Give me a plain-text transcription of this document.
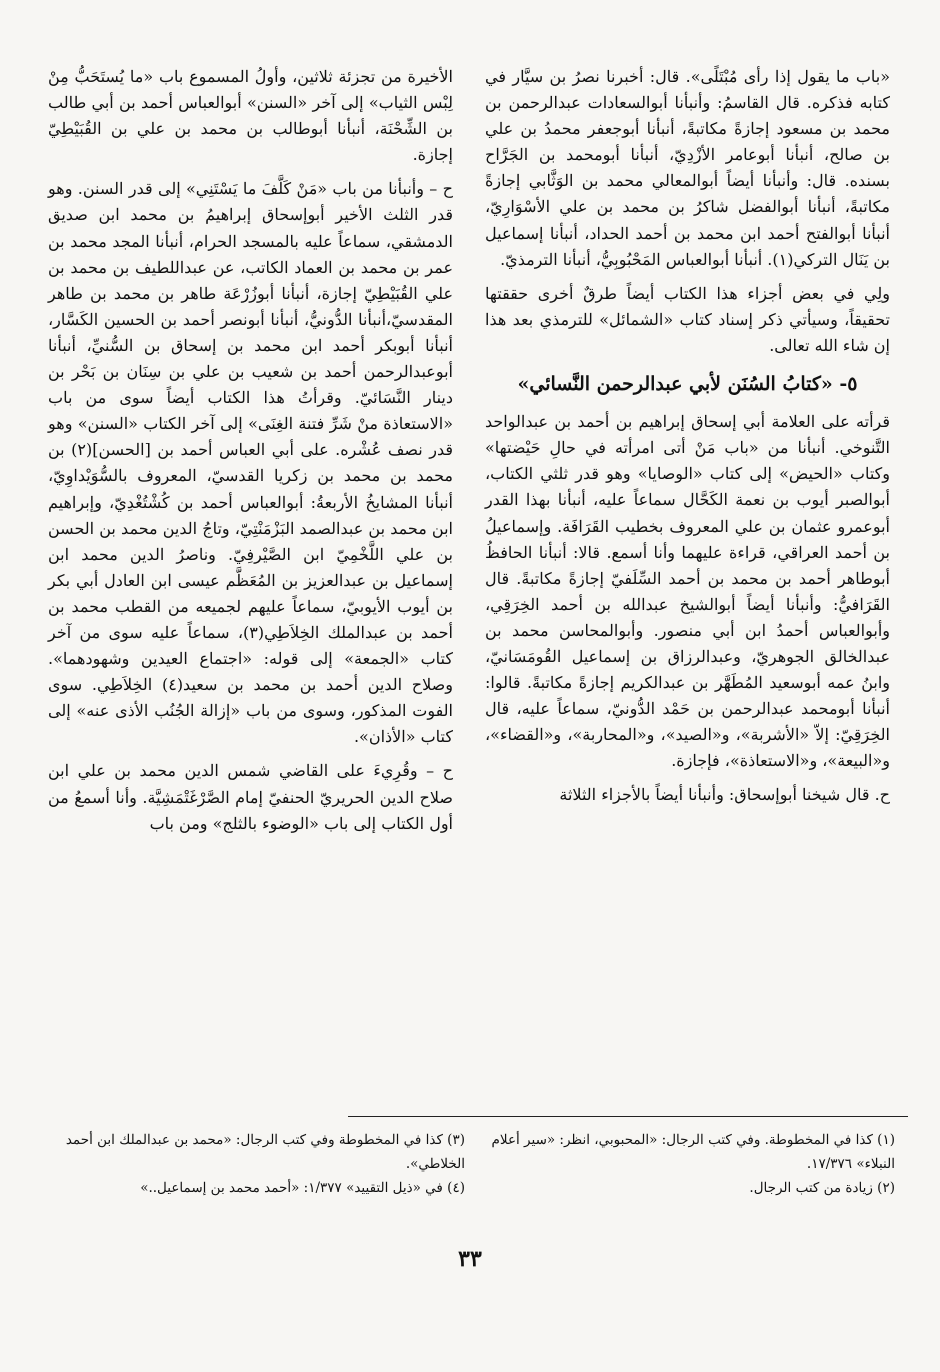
«باب ما يقول إذا رأى مُبْتَلًى». قال: أخبرنا نصرُ بن سيَّار في كتابه فذكره. قال القاسمُ: وأنبأنا أبوالسعادات عبدالرحمن بن محمد بن مسعود إجازةً مكاتبةً، أنبأنا أبوجعفر محمدُ بن علي بن صالح، أنبأنا أبوعامر الأزْدِيّ، أنبأنا أبومحمد بن الجَرَّاح بسنده. قال: وأنبأنا أيضاً أبوالمعالي محمد بن الوَثَّابي إجازةً مكاتبةً، أنبأنا أبوالفضل شاكرُ بن محمد بن علي الأسْوَارِيّ، أنبأنا أبوالفتح أحمد ابن محمد بن أحمد الحداد، أنبأنا إسماعيل بن يَنَال التركي(١). أنبأنا أبوالعباس المَحْبُوبِيُّ، أنبأنا الترمذيّ.

ولِي في بعض أجزاء هذا الكتاب أيضاً طرقٌ أخرى حققتها تحقيقاً، وسيأتي ذكر إسناد كتاب «الشمائل» للترمذي بعد هذا إن شاء الله تعالى.

٥- «كتابُ السُنَن لأبي عبدالرحمن النَّسائي»

قرأته على العلامة أبي إسحاق إبراهيم بن أحمد بن عبدالواحد التَّنوخي. أنبأنا من «باب مَنْ أتى امرأته في حالِ حَيْضتها» وكتاب «الحيض» إلى كتاب «الوصايا» وهو قدر ثلثي الكتاب، أبوالصبر أيوب بن نعمة الكَحَّال سماعاً عليه، أنبأنا بهذا القدر أبوعمرو عثمان بن علي المعروف بخطيب القَرَافَة. وإسماعيلُ بن أحمد العراقي، قراءة عليهما وأنا أسمع. قالا: أنبأنا الحافظُ أبوطاهر أحمد بن محمد بن أحمد السِّلَفيّ إجازةً مكاتبةً. قال القَرَافيُّ: وأنبأنا أيضاً أبوالشيخ عبدالله بن أحمد الخِرَقِي، وأبوالعباس أحمدُ ابن أبي منصور. وأبوالمحاسن محمد بن عبدالخالق الجوهريّ، وعبدالرزاق بن إسماعيل القُومَسَانيّ، وابنُ عمه أبوسعيد المُطَهَّر بن عبدالكريم إجازةً مكاتبةً. قالوا: أنبأنا أبومحمد عبدالرحمن بن حَمْد الدُّونيّ، سماعاً عليه، قال الخِرَقِيّ: إلاّ «الأشربة»، و«الصيد»، و«المحاربة»، و«القضاء»، و«البيعة»، و«الاستعاذة»، فإجازة.

ح. قال شيخنا أبوإسحاق: وأنبأنا أيضاً بالأجزاء الثلاثة

الأخيرة من تجزئة ثلاثين، وأولُ المسموع باب «ما يُستَحَبُّ مِنْ لِبْس الثياب» إلى آخر «السنن» أبوالعباس أحمد بن أبي طالب بن الشِّحْنَة، أنبأنا أبوطالب بن محمد بن علي بن القُبَيْطِيّ إجازة.

ح – وأنبأنا من باب «مَنْ كَلَّفَ ما يَسْتَنِي» إلى قدر السنن. وهو قدر الثلث الأخير أبوإسحاق إبراهيمُ بن محمد ابن صديق الدمشقي، سماعاً عليه بالمسجد الحرام، أنبأنا المجد محمد بن عمر بن محمد بن العماد الكاتب، عن عبداللطيف بن محمد بن علي القُبَيْطِيّ إجازة، أنبأنا أبوزُرْعَة طاهر بن محمد بن طاهر المقدسيّ،أنبأنا الدُّونيُّ، أنبأنا أبونصر أحمد بن الحسين الكَسَّار، أنبأنا أبوبكر أحمد ابن محمد بن إسحاق بن السُّنيِّ، أنبأنا أبوعبدالرحمن أحمد بن شعيب بن علي بن سِنَان بن بَحْر بن دينار النَّسَائيّ. وقرأتُ هذا الكتاب أيضاً سوى من باب «الاستعاذة منْ شَرِّ فتنة الغِنَى» إلى آخر الكتاب «السنن» وهو قدر نصف عُشْره. على أبي العباس أحمد بن [الحسن](٢) بن محمد بن محمد بن زكريا القدسيّ، المعروف بالسُّوَيْداوِيّ، أنبأنا المشايخُ الأربعةُ: أبوالعباس أحمد بن كُشْتُغْدِيّ، وإبراهيم ابن محمد بن عبدالصمد البَزْمَنْتِيّ، وتاجُ الدين محمد بن الحسن بن علي اللَّخْمِيّ ابن الصَّيْرفِيّ. وناصرُ الدين محمد ابن إسماعيل بن عبدالعزيز بن المُعَظَّم عيسى ابن العادل أبي بكر بن أيوب الأيوبيّ، سماعاً عليهم لجميعه من القطب محمد بن أحمد بن عبدالملك الخِلاَطِي(٣)، سماعاً عليه سوى من آخر كتاب «الجمعة» إلى قوله: «اجتماع العيدين وشهودهما». وصلاح الدين أحمد بن محمد بن سعيد(٤) الخِلاَطِي. سوى الفوت المذكور، وسوى من باب «إزالة الجُنُب الأذى عنه» إلى كتاب «الأذان».

ح – وقُرِيءَ على القاضي شمس الدين محمد بن علي ابن صلاح الدين الحريريّ الحنفيّ إمام الصَّرْغَتْمَشِيَّة. وأنا أسمعُ من أول الكتاب إلى باب «الوضوء بالثلج» ومن باب

(١) كذا في المخطوطة. وفي كتب الرجال: «المحبوبي، انظر: «سير أعلام النبلاء» ١٧/٣٧٦.

(٢) زيادة من كتب الرجال.

(٣) كذا في المخطوطة وفي كتب الرجال: «محمد بن عبدالملك ابن أحمد الخلاطي».

(٤) في «ذيل التقييد» ١/٣٧٧: «أحمد محمد بن إسماعيل..»

٣٣
